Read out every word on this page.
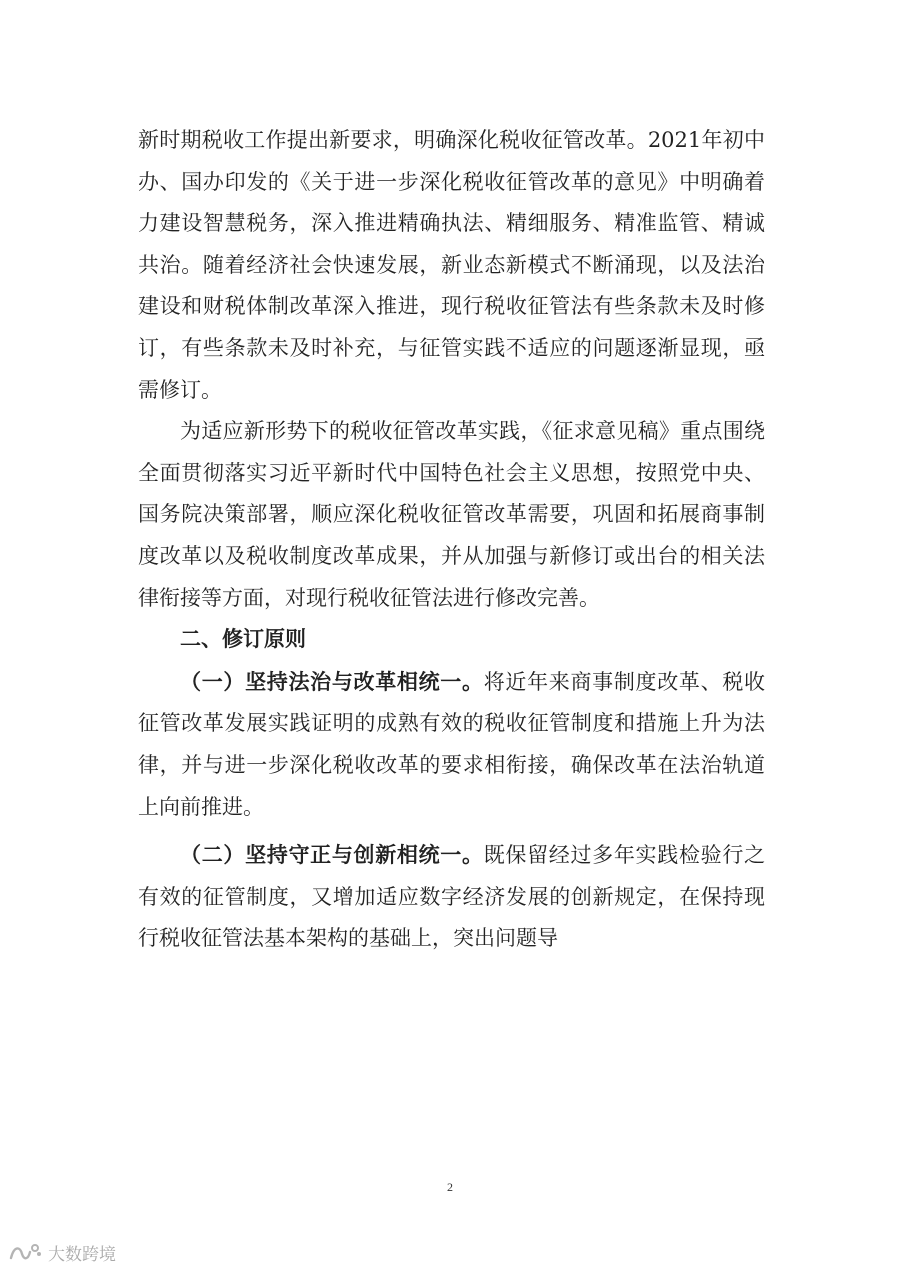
新时期税收工作提出新要求，明确深化税收征管改革。2021年初中办、国办印发的《关于进一步深化税收征管改革的意见》中明确着力建设智慧税务，深入推进精确执法、精细服务、精准监管、精诚共治。随着经济社会快速发展，新业态新模式不断涌现，以及法治建设和财税体制改革深入推进，现行税收征管法有些条款未及时修订，有些条款未及时补充，与征管实践不适应的问题逐渐显现，亟需修订。

为适应新形势下的税收征管改革实践，《征求意见稿》重点围绕全面贯彻落实习近平新时代中国特色社会主义思想，按照党中央、国务院决策部署，顺应深化税收征管改革需要，巩固和拓展商事制度改革以及税收制度改革成果，并从加强与新修订或出台的相关法律衔接等方面，对现行税收征管法进行修改完善。

二、修订原则

（一）坚持法治与改革相统一。将近年来商事制度改革、税收征管改革发展实践证明的成熟有效的税收征管制度和措施上升为法律，并与进一步深化税收改革的要求相衔接，确保改革在法治轨道上向前推进。

（二）坚持守正与创新相统一。既保留经过多年实践检验行之有效的征管制度，又增加适应数字经济发展的创新规定，在保持现行税收征管法基本架构的基础上，突出问题导

2
大数跨境
